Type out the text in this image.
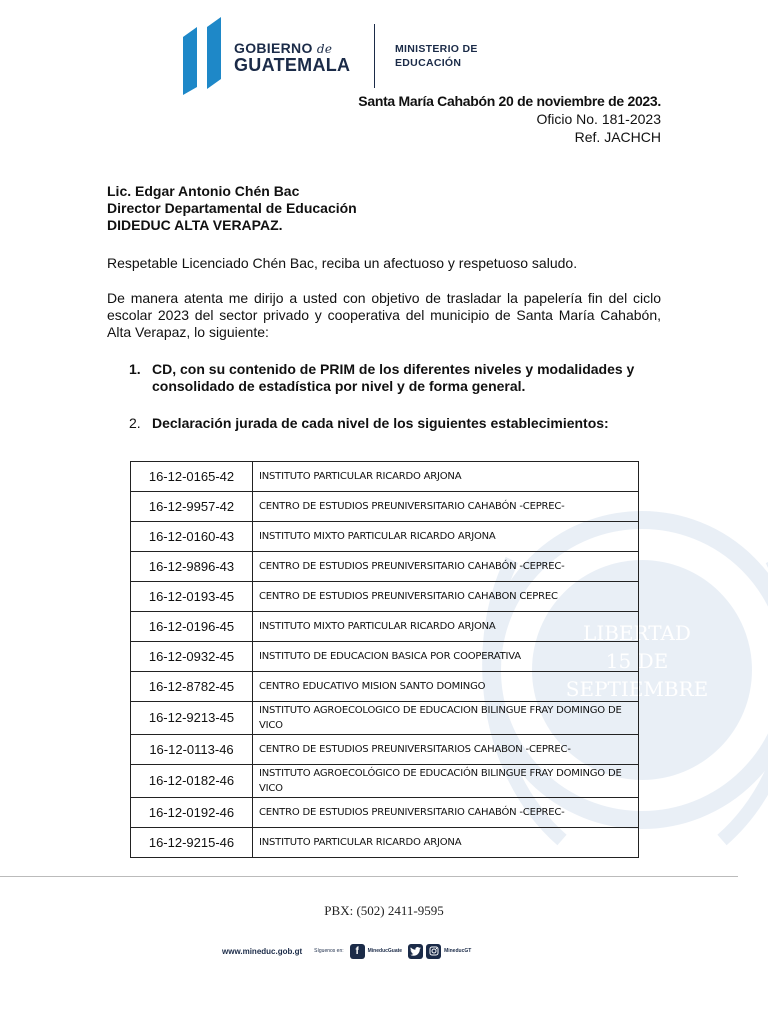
GOBIERNO de
GUATEMALA
MINISTERIO DE
EDUCACIÓN
LIBERTAD
15 DE
SEPTIEMBRE
Santa María Cahabón 20 de noviembre de 2023.
Oficio No. 181-2023
Ref. JACHCH
Lic. Edgar Antonio Chén Bac
Director Departamental de Educación
DIDEDUC ALTA VERAPAZ.
Respetable Licenciado Chén Bac, reciba un afectuoso y respetuoso saludo.
De manera atenta me dirijo a usted con objetivo de trasladar la papelería fin del ciclo escolar 2023 del sector privado y cooperativa del municipio de Santa María Cahabón, Alta Verapaz, lo siguiente:
1. CD, con su contenido de PRIM de los diferentes niveles y modalidades y consolidado de estadística por nivel y de forma general.
2. Declaración jurada de cada nivel de los siguientes establecimientos:
16-12-0165-42	INSTITUTO PARTICULAR RICARDO ARJONA
16-12-9957-42	CENTRO DE ESTUDIOS PREUNIVERSITARIO CAHABÓN -CEPREC-
16-12-0160-43	INSTITUTO MIXTO PARTICULAR RICARDO ARJONA
16-12-9896-43	CENTRO DE ESTUDIOS PREUNIVERSITARIO CAHABÓN -CEPREC-
16-12-0193-45	CENTRO DE ESTUDIOS PREUNIVERSITARIO CAHABON CEPREC
16-12-0196-45	INSTITUTO MIXTO PARTICULAR RICARDO ARJONA
16-12-0932-45	INSTITUTO DE EDUCACION BASICA POR COOPERATIVA
16-12-8782-45	CENTRO EDUCATIVO MISION SANTO DOMINGO
16-12-9213-45	INSTITUTO AGROECOLOGICO DE EDUCACION BILINGUE FRAY DOMINGO DE VICO
16-12-0113-46	CENTRO DE ESTUDIOS PREUNIVERSITARIOS CAHABON -CEPREC-
16-12-0182-46	INSTITUTO AGROECOLÓGICO DE EDUCACIÓN BILINGUE FRAY DOMINGO DE VICO
16-12-0192-46	CENTRO DE ESTUDIOS PREUNIVERSITARIO CAHABÓN -CEPREC-
16-12-9215-46	INSTITUTO PARTICULAR RICARDO ARJONA
PBX: (502) 2411-9595
www.mineduc.gob.gt Síguenos en:	f	MineducGuate	MineducGT
